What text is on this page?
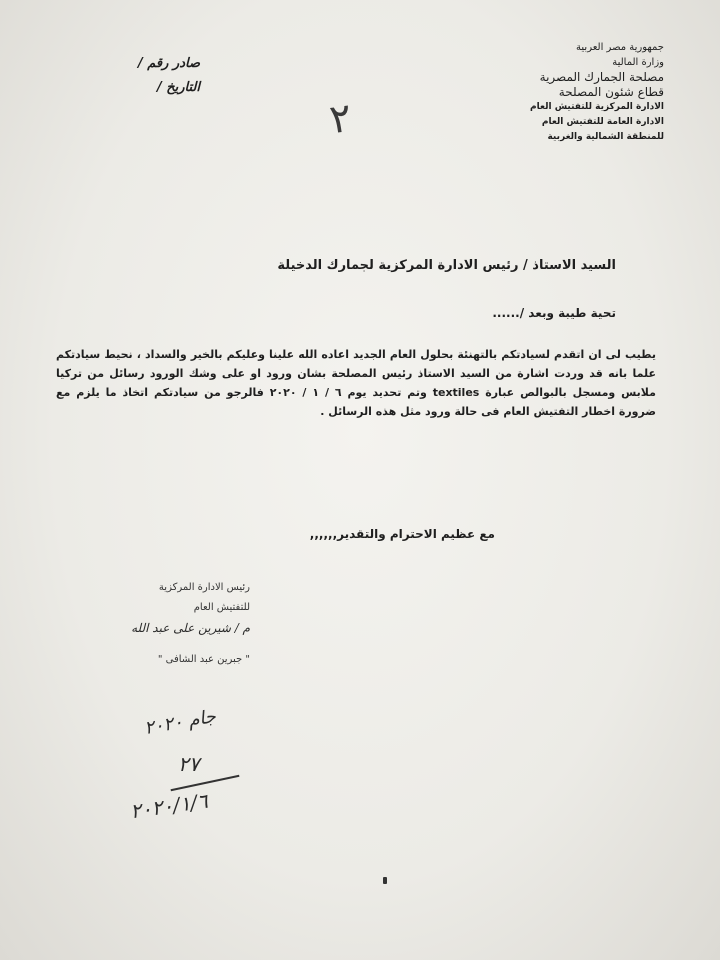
جمهورية مصر العربية
وزارة المالية
مصلحة الجمارك المصرية
قطاع شئون المصلحة
الادارة المركزية للتفتيش العام
الادارة العامة للتفتيش العام
للمنطقة الشمالية والغربية
صادر رقم /
التاريخ /
٢
السيد الاستاذ / رئيس الادارة المركزية لجمارك الدخيلة
تحية طيبة وبعد /......
يطيب لى ان اتقدم لسيادتكم بالتهنئة بحلول العام الجديد اعاده الله علينا وعليكم بالخير والسداد ، نحيط سيادتكم علما بانه قد وردت اشارة من السيد الاستاذ رئيس المصلحة بشان ورود او على وشك الورود رسائل من تركيا ملابس ومسجل بالبوالص عبارة textiles وتم تحديد يوم ٦ / ١ / ٢٠٢٠ فالرجو من سيادتكم اتخاذ ما يلزم مع ضرورة اخطار التفتيش العام فى حالة ورود مثل هذه الرسائل .
مع عظيم الاحترام والتقدير,,,,,,
رئيس الادارة المركزية
للتفتيش العام
م / شيرين على عبد الله
" جبرين عبد الشافى "
جام ٢٠٢٠
٢٧
٢٠٢٠/١/٦
